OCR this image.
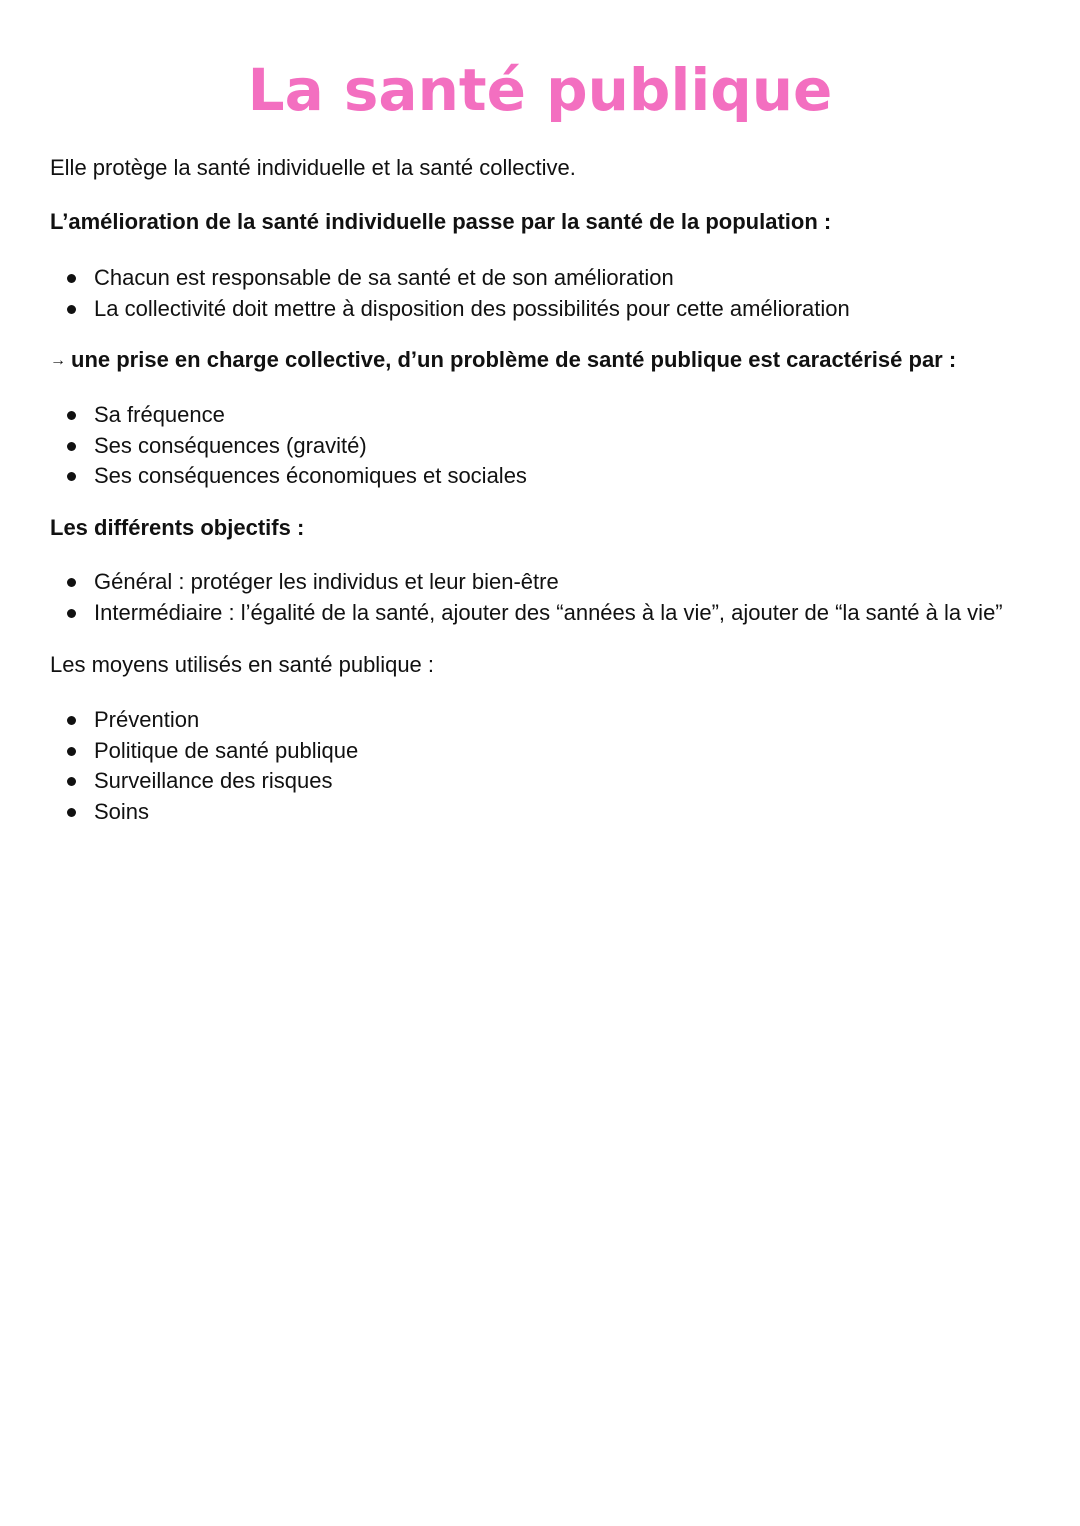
La santé publique

Elle protège la santé individuelle et la santé collective.

L’amélioration de la santé individuelle passe par la santé de la population :

Chacun est responsable de sa santé et de son amélioration
La collectivité doit mettre à disposition des possibilités pour cette amélioration

→ une prise en charge collective, d’un problème de santé publique est caractérisé par :

Sa fréquence
Ses conséquences (gravité)
Ses conséquences économiques et sociales

Les différents objectifs :

Général : protéger les individus et leur bien-être
Intermédiaire : l’égalité de la santé, ajouter des “années à la vie”, ajouter de “la santé à la vie”

Les moyens utilisés en santé publique :

Prévention
Politique de santé publique
Surveillance des risques
Soins
